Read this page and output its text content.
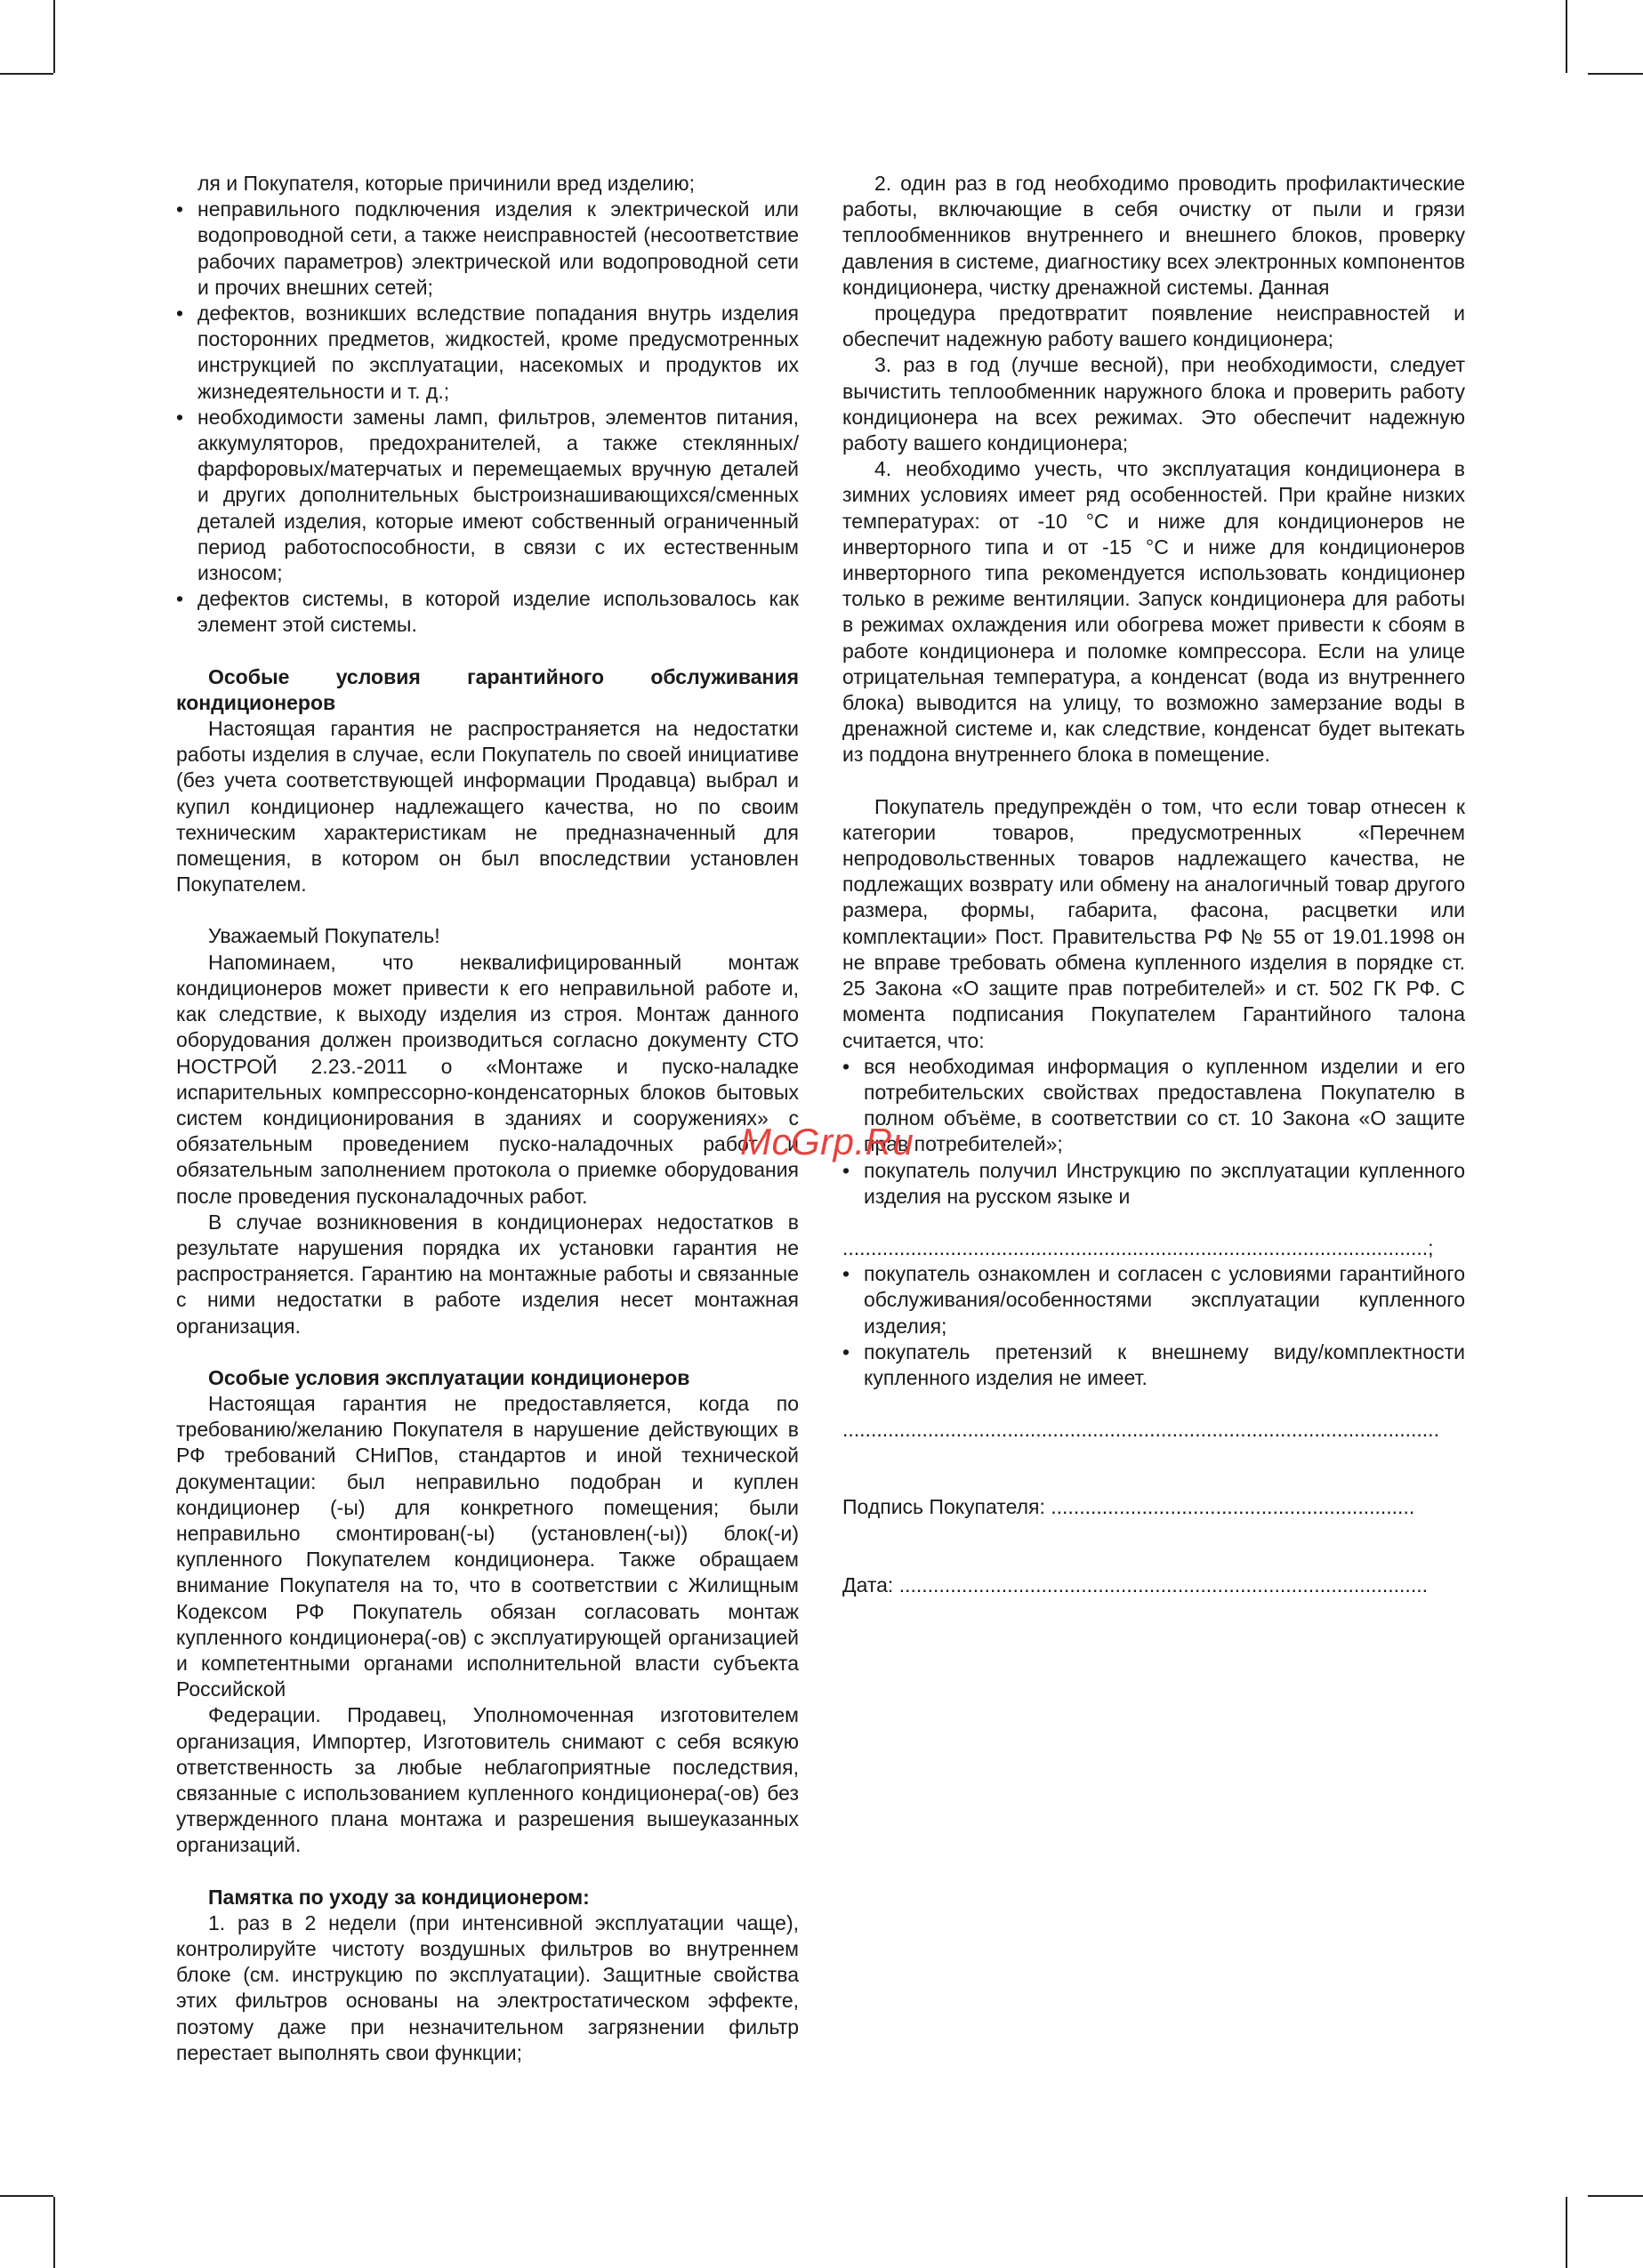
ля и Покупателя, которые причинили вред изделию;

• неправильного подключения изделия к электрической или водопроводной сети, а также неисправностей (несоответствие рабочих параметров) электрической или водопроводной сети и прочих внешних сетей;
• дефектов, возникших вследствие попадания внутрь изделия посторонних предметов, жидкостей, кроме предусмотренных инструкцией по эксплуатации, насекомых и продуктов их жизнедеятельности и т. д.;
• необходимости замены ламп, фильтров, элементов питания, аккумуляторов, предохранителей, а также стеклянных/фарфоровых/матерчатых и перемещаемых вручную деталей и других дополнительных быстроизнашивающихся/сменных деталей изделия, которые имеют собственный ограниченный период работоспособности, в связи с их естественным износом;
• дефектов системы, в которой изделие использовалось как элемент этой системы.

Особые условия гарантийного обслуживания кондиционеров

Настоящая гарантия не распространяется на недостатки работы изделия в случае, если Покупатель по своей инициативе (без учета соответствующей информации Продавца) выбрал и купил кондиционер надлежащего качества, но по своим техническим характеристикам не предназначенный для помещения, в котором он был впоследствии установлен Покупателем.

Уважаемый Покупатель!

Напоминаем, что неквалифицированный монтаж кондиционеров может привести к его неправильной работе и, как следствие, к выходу изделия из строя. Монтаж данного оборудования должен производиться согласно документу СТО НОСТРОЙ 2.23.-2011 о «Монтаже и пуско-наладке испарительных компрессорно-конденсаторных блоков бытовых систем кондиционирования в зданиях и сооружениях» с обязательным проведением пуско-наладочных работ и обязательным заполнением протокола о приемке оборудования после проведения пусконаладочных работ.

В случае возникновения в кондиционерах недостатков в результате нарушения порядка их установки гарантия не распространяется. Гарантию на монтажные работы и связанные с ними недостатки в работе изделия несет монтажная организация.

Особые условия эксплуатации кондиционеров

Настоящая гарантия не предоставляется, когда по требованию/желанию Покупателя в нарушение действующих в РФ требований СНиПов, стандартов и иной технической документации: был неправильно подобран и куплен кондиционер (-ы) для конкретного помещения; были неправильно смонтирован(-ы) (установлен(-ы)) блок(-и) купленного Покупателем кондиционера. Также обращаем внимание Покупателя на то, что в соответствии с Жилищным Кодексом РФ Покупатель обязан согласовать монтаж купленного кондиционера(-ов) с эксплуатирующей организацией и компетентными органами исполнительной власти субъекта Российской

Федерации. Продавец, Уполномоченная изготовителем организация, Импортер, Изготовитель снимают с себя всякую ответственность за любые неблагоприятные последствия, связанные с использованием купленного кондиционера(-ов) без утвержденного плана монтажа и разрешения вышеуказанных организаций.

Памятка по уходу за кондиционером:

1. раз в 2 недели (при интенсивной эксплуатации чаще), контролируйте чистоту воздушных фильтров во внутреннем блоке (см. инструкцию по эксплуатации). Защитные свойства этих фильтров основаны на электростатическом эффекте, поэтому даже при незначительном загрязнении фильтр перестает выполнять свои функции;

2. один раз в год необходимо проводить профилактические работы, включающие в себя очистку от пыли и грязи теплообменников внутреннего и внешнего блоков, проверку давления в системе, диагностику всех электронных компонентов кондиционера, чистку дренажной системы. Данная

процедура предотвратит появление неисправностей и обеспечит надежную работу вашего кондиционера;

3. раз в год (лучше весной), при необходимости, следует вычистить теплообменник наружного блока и проверить работу кондиционера на всех режимах. Это обеспечит надежную работу вашего кондиционера;

4. необходимо учесть, что эксплуатация кондиционера в зимних условиях имеет ряд особенностей. При крайне низких температурах: от -10 °С и ниже для кондиционеров не инверторного типа и от -15 °С и ниже для кондиционеров инверторного типа рекомендуется использовать кондиционер только в режиме вентиляции. Запуск кондиционера для работы в режимах охлаждения или обогрева может привести к сбоям в работе кондиционера и поломке компрессора. Если на улице отрицательная температура, а конденсат (вода из внутреннего блока) выводится на улицу, то возможно замерзание воды в дренажной системе и, как следствие, конденсат будет вытекать из поддона внутреннего блока в помещение.

Покупатель предупреждён о том, что если товар отнесен к категории товаров, предусмотренных «Перечнем непродовольственных товаров надлежащего качества, не подлежащих возврату или обмену на аналогичный товар другого размера, формы, габарита, фасона, расцветки или комплектации» Пост. Правительства РФ № 55 от 19.01.1998 он не вправе требовать обмена купленного изделия в порядке ст. 25 Закона «О защите прав потребителей» и ст. 502 ГК РФ. С момента подписания Покупателем Гарантийного талона считается, что:

• вся необходимая информация о купленном изделии и его потребительских свойствах предоставлена Покупателю в полном объёме, в соответствии со ст. 10 Закона «О защите прав потребителей»;
• покупатель получил Инструкцию по эксплуатации купленного изделия на русском языке и

.......................................................................................................;

• покупатель ознакомлен и согласен с условиями гарантийного обслуживания/особенностями эксплуатации купленного изделия;
• покупатель претензий к внешнему виду/комплектности купленного изделия не имеет.

.........................................................................................................

Подпись Покупателя: ................................................................

Дата: .............................................................................................

McGrp.Ru
